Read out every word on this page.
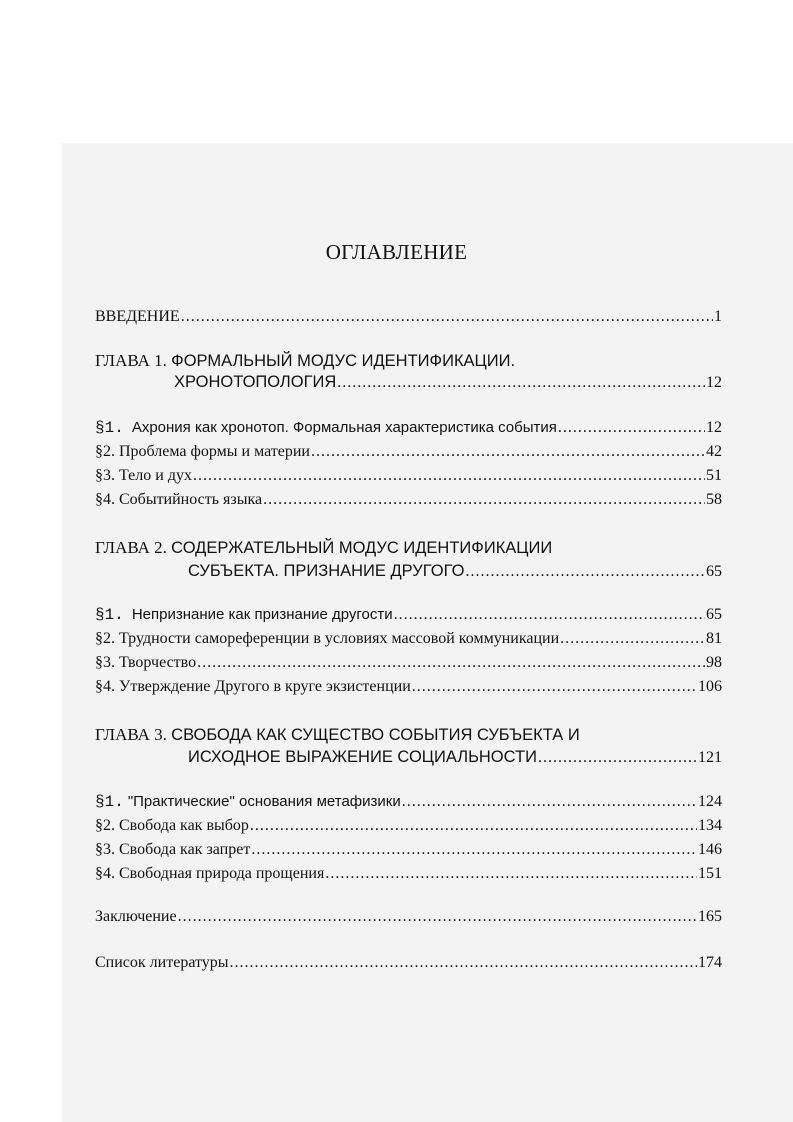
ОГЛАВЛЕНИЕ
ВВЕДЕНИЕ .....	1
ГЛАВА 1. ФОРМАЛЬНЫЙ МОДУС ИДЕНТИФИКАЦИИ.
ХРОНОТОПОЛОГИЯ .....	12
§1. Ахрония как хронотоп. Формальная характеристика события .....	12
§2. Проблема формы и материи .....	42
§3. Тело и дух .....	51
§4. Событийность языка .....	58
ГЛАВА 2. СОДЕРЖАТЕЛЬНЫЙ МОДУС ИДЕНТИФИКАЦИИ
СУБЪЕКТА. ПРИЗНАНИЕ ДРУГОГО .....	65
§1. Непризнание как признание другости .....	65
§2. Трудности самореференции в условиях массовой коммуникации .....	81
§3. Творчество .....	98
§4. Утверждение Другого в круге экзистенции .....	106
ГЛАВА 3. СВОБОДА КАК СУЩЕСТВО СОБЫТИЯ СУБЪЕКТА И
ИСХОДНОЕ ВЫРАЖЕНИЕ СОЦИАЛЬНОСТИ .....	121
§1. "Практические" основания метафизики .....	124
§2. Свобода как выбор .....	134
§3. Свобода как запрет .....	146
§4. Свободная природа прощения .....	151
Заключение .....	165
Список литературы .....	174
